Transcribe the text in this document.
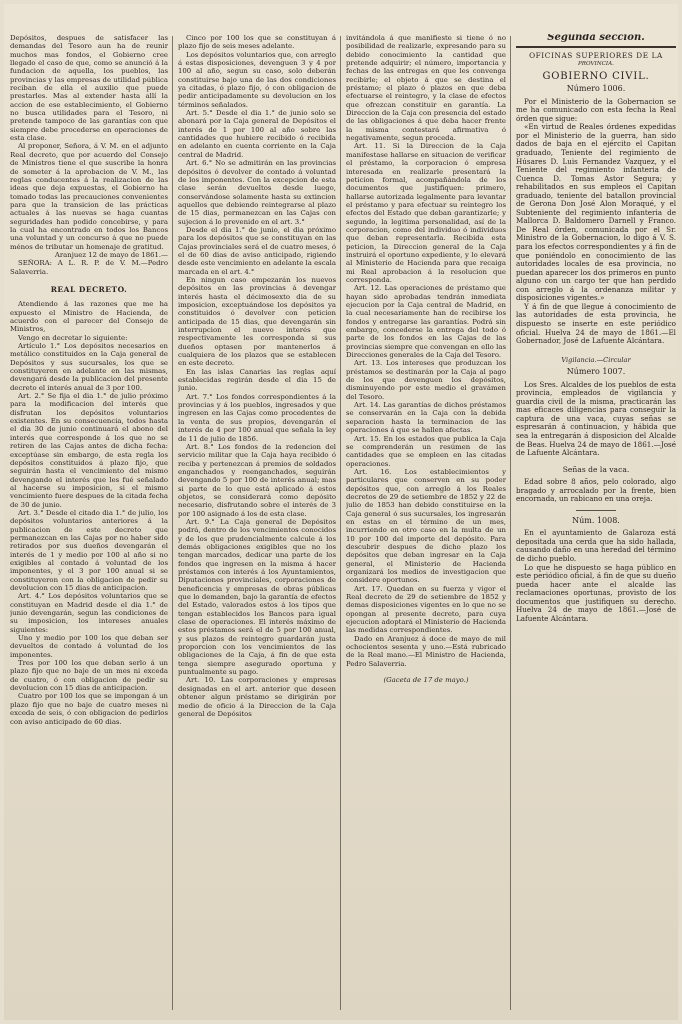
Depósitos, despues de satisfacer las demandas del Tesoro aun ha de reunir muchos mas fondos, el Gobierno cree llegado el caso de que, como se anunció á la fundacion de aquella, los pueblos, las provincias y las empresas de utilidad pública reciban de ella el auxilio que puede prestarles. Mas al extender hasta allí la accion de ese establecimiento, el Gobierno no busca utilidades para el Tesoro, ni pretende tampoco de las garantías con que siempre debe procederse en operaciones de esta clase.

Al proponer, Señora, á V. M. en el adjunto Real decreto, que por acuerdo del Consejo de Ministros tiene el que suscribe la honra de someter á la aprobacion de V. M., las reglas conducentes á la realizacion de las ideas que deja expuestas, el Gobierno ha tomado todas las precauciones convenientes para que la transicion de las prácticas actuales á las nuevas se haga cuantas seguridades han podido concebirse, y para la cual ha encontrado en todos los Bancos una voluntad y un concurso á que no puede ménos de tributar un homenaje de gratitud.

Aranjuez 12 de mayo de 1861.—

SEÑORA: A L. R. P. de V. M.—Pedro Salaverria.

REAL DECRETO.

Atendiendo á las razones que me ha expuesto el Ministro de Hacienda, de acuerdo con el parecer del Consejo de Ministros,

Vengo en decretar lo siguiente:

Artículo 1.° Los depósitos necesarios en metálico constituidos en la Caja general de Depósitos y sus sucursales, los que se constituyeren en adelante en las mismas, devengará desde la publicacion del presente decreto el interés anual de 3 por 100.

Art. 2.° Se fija el dia 1.° de julio próximo para la modificacion del interés que disfrutan los depósitos voluntarios existentes. En su consecuencia, todos hasta el dia 30 de junio continuará el abono del interés que corresponde á los que no se retiren de las Cajas antes de dicha fecha: exceptúase sin embargo, de esta regla los depósitos constituidos á plazo fijo, que seguirán hasta el vencimiento del mismo devengando el interés que les fué señalado al hacerse su imposicion, si el mismo vencimiento fuere despues de la citada fecha de 30 de junio.

Art. 3.° Desde el citado dia 1.° de julio, los depósitos voluntarios anteriores á la publicacion de este decreto que permanezcan en las Cajas por no haber sido retirados por sus dueños devengarán el interés de 1 y medio por 100 al año si no exigibles al contado á voluntad de los imponentes, y el 3 por 100 anual si se constituyeron con la obligacion de pedir su devolucion con 15 dias de anticipacion.

Art. 4.° Los depósitos voluntarios que se constituyan en Madrid desde el dia 1.° de junio devengarán, segun las condiciones de su imposicion, los intereses anuales siguientes:

Uno y medio por 100 los que deban ser devueltos de contado á voluntad de los imponentes.

Tres por 100 los que deban serlo á un plazo fijo que no baje de un mes ni exceda de cuatro, ó con obligacion de pedir su devolucion con 15 dias de anticipacion.

Cuatro por 100 los que se impongan á un plazo fijo que no baje de cuatro meses ni exceda de seis, ó con obligacion de pedirlos con aviso anticipado de 60 dias.

Cinco por 100 los que se constituyan á plazo fijo de seis meses adelante.

Los depósitos voluntarios que, con arreglo á estas disposiciones, devenguen 3 y 4 por 100 al año, segun su caso, solo deberán constituirse bajo una de las dos condiciones ya citadas, ó plazo fijo, ó con obligacion de pedir anticipadamente su devolucion en los términos señalados.

Art. 5.° Desde el dia 1.° de junio solo se abonará por la Caja general de Depósitos el interés de 1 por 100 al año sobre las cantidades que hubiere recibido ó recibida en adelanto en cuenta corriente en la Caja central de Madrid.

Art. 6.° No se admitirán en las provincias depósitos ó devolver de contado á voluntad de los imponentes. Con la excepcion de esta clase serán devueltos desde luego, conservándose solamente hasta su extincion aquellos que debiendo reintegrarse al plazo de 15 dias, permanezcan en las Cajas con sujecion á lo prevenido en el art. 3.°

Desde el dia 1.° de junio, el dia próximo para los depósitos que se constituyan en las Cajas provinciales será el de cuatro meses, ó el de 60 dias de aviso anticipado, rigiendo desde este vencimiento en adelante la escala marcada en el art. 4.°

En ningun caso empezarán los nuevos depósitos en las provincias á devengar interés hasta el décimosexto dia de su imposicion, exceptuándose los depósitos ya constituidos ó devolver con peticion anticipada de 15 dias, que devengarán sin interrupcion el nuevo interés que respectivamente les corresponda si sus dueños optasen por mantenerlos á cualquiera de los plazos que se establecen en este decreto.

En las islas Canarias las reglas aquí establecidas regirán desde el dia 15 de junio.

Art. 7.° Los fondos correspondientes á la provincias y á los pueblos, ingresados y que ingresen en las Cajas como procedentes de la venta de sus propios, devengarán el interés de 4 por 100 anual que señala la ley de 11 de julio de 1856.

Art. 8.° Los fondos de la redencion del servicio militar que la Caja haya recibido ó reciba y pertenezcan á premios de soldados enganchados y reenganchados, seguirán devengando 5 por 100 de interés anual; mas si parte de lo que está aplicado á estos objetos, se considerará como depósito necesario, disfrutando sobre el interés de 3 por 100 asignado á los de esta clase.

Art. 9.° La Caja general de Depósitos podrá, dentro de los vencimientos conocidos y de los que prudencialmente calcule á los demás obligaciones exigibles que no los tengan marcados, dedicar una parte de los fondos que ingresen en la misma á hacer préstamos con interés á los Ayuntamientos, Diputaciones provinciales, corporaciones de beneficencia y empresas de obras públicas que lo demanden, bajo la garantía de efectos del Estado, valorados estos á los tipos que tengan establecidos los Bancos para igual clase de operaciones. El interés máximo de estos préstamos será el de 5 por 100 anual, y sus plazos de reintegro guardarán justa proporcion con los vencimientos de las obligaciones de la Caja, á fin de que esta tenga siempre asegurado oportuna y puntualmente su pago.

Art. 10. Las corporaciones y empresas designadas en el art. anterior que deseen obtener algun préstamo se dirigirán por medio de oficio á la Direccion de la Caja general de Depósitos

invitándola á que manifieste si tiene ó no posibilidad de realizarle, expresando para su debido conocimiento la cantidad que pretende adquirir; el número, importancia y fechas de las entregas en que les convenga recibirle; el objeto á que se destina el préstamo; el plazo ó plazos en que deba efectuarse el reintegro, y la clase de efectos que ofrezcan constituir en garantía. La Direccion de la Caja con presencia del estado de las obligaciones á que deba hacer frente la misma contestará afirmativa ó negativamente, segun proceda.

Art. 11. Si la Direccion de la Caja manifestase hallarse en situacion de verificar el préstamo, la corporacion ó empresa interesada en realizarle presentará la peticion formal, acompañándola de los documentos que justifiquen: primero, hallarse autorizada legalmente para levantar el préstamo y para efectuar su reintegro los efectos del Estado que deban garantizarle; y segundo, la legitima personalidad, así de la corporacion, como del individuo ó individuos que deban representarla. Recibida esta peticion, la Direccion general de la Caja instruirá el oportuno expediente, y lo elevará al Ministerio de Hacienda para que recaiga mi Real aprobacion á la resolucion que corresponda.

Art. 12. Las operaciones de préstamo que hayan sido aprobadas tendrán inmediata ejecucion por la Caja central de Madrid, en la cual necesariamente han de recibirse los fondos y entregarse las garantías. Podrá sin embargo, concederse la entrega del todo ó parte de los fondos en las Cajas de las provincias siempre que convengan en ello las Direcciones generales de la Caja del Tesoro.

Art. 13. Los intereses que produzcan los préstamos se destinarán por la Caja al pago de los que devenguen los depósitos, disminuyendo por este medio el gravámen del Tesoro.

Art. 14. Las garantías de dichos préstamos se conservarán en la Caja con la debida separacion hasta la terminacion de las operaciones á que se hallen afectas.

Art. 15. En los estados que publica la Caja se comprenderán un resúmen de las cantidades que se empleen en las citadas operaciones.

Art. 16. Los establecimientos y particulares que conserven en su poder depósitos que, con arreglo á los Reales decretos de 29 de setiembre de 1852 y 22 de julio de 1853 han debido constituirse en la Caja general ó sus sucursales, los ingresarán en estas en el término de un mes, incurriendo en otro caso en la multa de un 10 por 100 del importe del depósito. Para descubrir despues de dicho plazo los depósitos que deban ingresar en la Caja general, el Ministerio de Hacienda organizará los medios de investigacion que considere oportunos.

Art. 17. Quedan en su fuerza y vigor el Real decreto de 29 de setiembre de 1852 y demas disposiciones vigentes en lo que no se opongan al presente decreto, para cuya ejecucion adoptará el Ministerio de Hacienda las medidas correspondientes.

Dado en Aranjuez á doce de mayo de mil ochocientos sesenta y uno.—Está rubricado de la Real mano.—El Ministro de Hacienda, Pedro Salaverria.

(Gaceta de 17 de mayo.)

Segunda seccion.

OFICINAS SUPERIORES DE LA

PROVINCIA.

GOBIERNO CIVIL.

Número 1006.

Por el Ministerio de la Gobernacion se me ha comunicado con esta fecha la Real órden que sigue:

«En virtud de Reales órdenes expedidas por el Ministerio de la guerra, han sido dados de baja en el ejército el Capitan graduado, Teniente del regimiento de Húsares D. Luis Fernandez Vazquez, y el Teniente del regimiento infanteria de Cuenca D. Tomas Astor Segura; y rehabilitados en sus empleos el Capitan graduado, teniente del batallon provincial de Gerona Don José Alon Moraqué, y el Subteniente del regimiento infanteria de Mallorca D. Baldomero Darnell y Franco. De Real órden, comunicada por el Sr. Ministro de la Gobernacion, lo digo á V. S. para los efectos correspondientes y á fin de que poniéndolo en conocimiento de las autoridades locales de esa provincia, no puedan aparecer los dos primeros en punto alguno con un cargo ter que han perdido con arreglo á la ordenanza militar y disposiciones vigentes.»

Y á fin de que llegue á conocimiento de las autoridades de esta provincia, he dispuesto se inserte en este periódico oficial. Huelva 24 de mayo de 1861.—El Gobernador, José de Lafuente Alcántara.

Vigilancia.—Circular

Número 1007.

Los Sres. Alcaldes de los pueblos de esta provincia, empleados de vigilancia y guardia civil de la misma, practicarán las mas eficaces diligencias para conseguir la captura de una vaca, cuyas señas se espresarán á continuacion, y hábida que sea la entregarán á disposicion del Alcalde de Beas. Huelva 24 de mayo de 1861.—José de Lafuente Alcántara.

Señas de la vaca.

Edad sobre 8 años, pelo colorado, algo bragado y arrocalado por la frente, bien encornada, un rabicano en una oreja.

Núm. 1008.

En el ayuntamiento de Galaroza está depositada una cerda que ha sido hallada, causando daño en una heredad del término de dicho pueblo.

Lo que he dispuesto se haga público en este periódico oficial, á fin de que su dueño pueda hacer ante el alcalde las reclamaciones oportunas, provisto de los documentos que justifiquen su derecho. Huelva 24 de mayo de 1861.—José de Lafuente Alcántara.
